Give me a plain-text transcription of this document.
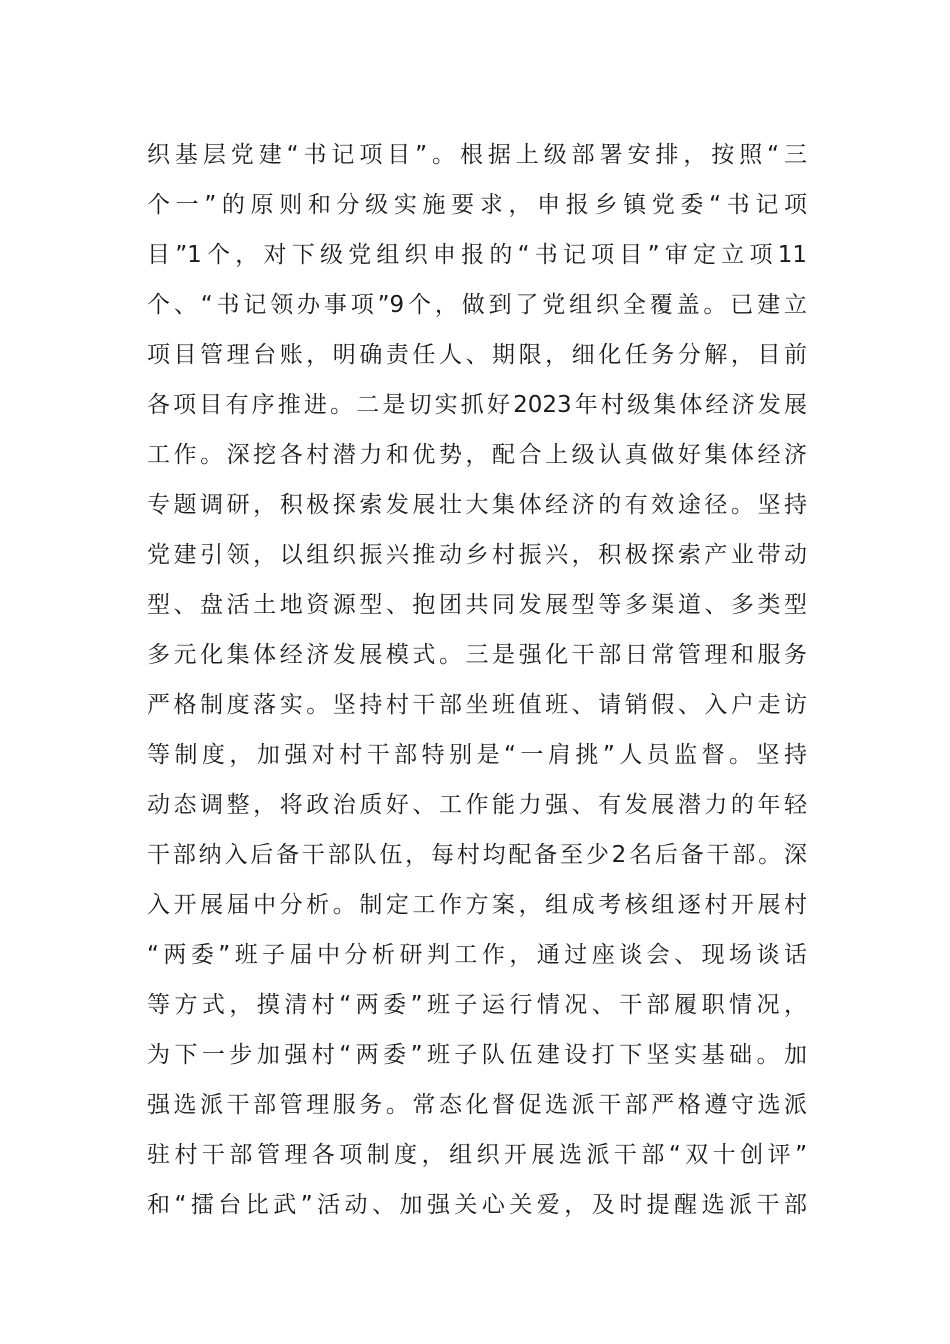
织基层党建“书记项目”。根据上级部署安排，按照“三
个一”的原则和分级实施要求，申报乡镇党委“书记项
目”1个，对下级党组织申报的“书记项目”审定立项11
个、“书记领办事项”9个，做到了党组织全覆盖。已建立
项目管理台账，明确责任人、期限，细化任务分解，目前
各项目有序推进。二是切实抓好2023年村级集体经济发展
工作。深挖各村潜力和优势，配合上级认真做好集体经济
专题调研，积极探索发展壮大集体经济的有效途径。坚持
党建引领，以组织振兴推动乡村振兴，积极探索产业带动
型、盘活土地资源型、抱团共同发展型等多渠道、多类型
多元化集体经济发展模式。三是强化干部日常管理和服务
严格制度落实。坚持村干部坐班值班、请销假、入户走访
等制度，加强对村干部特别是“一肩挑”人员监督。坚持
动态调整，将政治质好、工作能力强、有发展潜力的年轻
干部纳入后备干部队伍，每村均配备至少2名后备干部。深
入开展届中分析。制定工作方案，组成考核组逐村开展村
“两委”班子届中分析研判工作，通过座谈会、现场谈话
等方式，摸清村“两委”班子运行情况、干部履职情况，
为下一步加强村“两委”班子队伍建设打下坚实基础。加
强选派干部管理服务。常态化督促选派干部严格遵守选派
驻村干部管理各项制度，组织开展选派干部“双十创评”
和“擂台比武”活动、加强关心关爱，及时提醒选派干部
